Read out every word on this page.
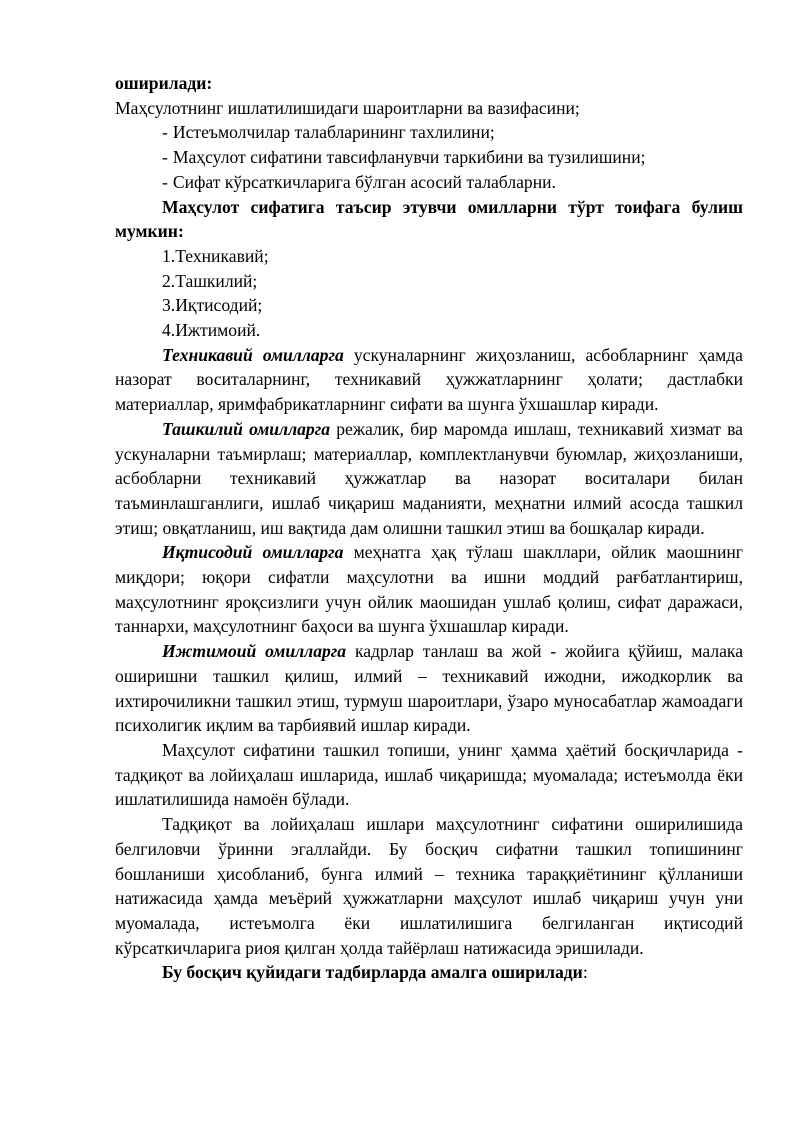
оширилади:

Маҳсулотнинг ишлатилишидаги шароитларни ва вазифасини;

- Истеъмолчилар талабларининг тахлилини;

- Маҳсулот сифатини тавсифланувчи таркибини ва тузилишини;

- Сифат кўрсаткичларига бўлган асосий талабларни.

Маҳсулот сифатига таъсир этувчи омилларни тўрт тоифага булиш мумкин:

1.Техникавий;

2.Ташкилий;

3.Иқтисодий;

4.Ижтимоий.

Техникавий омилларга ускуналарнинг жиҳозланиш, асбобларнинг ҳамда назорат воситаларнинг, техникавий ҳужжатларнинг ҳолати; дастлабки материаллар, яримфабрикатларнинг сифати ва шунга ўхшашлар киради.

Ташкилий омилларга режалик, бир маромда ишлаш, техникавий хизмат ва ускуналарни таъмирлаш; материаллар, комплектланувчи буюмлар, жиҳозланиши, асбобларни техникавий ҳужжатлар ва назорат воситалари билан таъминлашганлиги, ишлаб чиқариш маданияти, меҳнатни илмий асосда ташкил этиш; овқатланиш, иш вақтида дам олишни ташкил этиш ва бошқалар киради.

Иқтисодий омилларга меҳнатга ҳақ тўлаш шакллари, ойлик маошнинг миқдори; юқори сифатли маҳсулотни ва ишни моддий рағбатлантириш, маҳсулотнинг яроқсизлиги учун ойлик маошидан ушлаб қолиш, сифат даражаси, таннархи, маҳсулотнинг баҳоси ва шунга ўхшашлар киради.

Ижтимоий омилларга кадрлар танлаш ва жой - жойига қўйиш, малака оширишни ташкил қилиш, илмий – техникавий ижодни, ижодкорлик ва ихтирочиликни ташкил этиш, турмуш шароитлари, ўзаро муносабатлар жамоадаги психолигик иқлим ва тарбиявий ишлар киради.

Маҳсулот сифатини ташкил топиши, унинг ҳамма ҳаётий босқичларида - тадқиқот ва лойиҳалаш ишларида, ишлаб чиқаришда; муомалада; истеъмолда ёки ишлатилишида намоён бўлади.

Тадқиқот ва лойиҳалаш ишлари маҳсулотнинг сифатини оширилишида белгиловчи ўринни эгаллайди. Бу босқич сифатни ташкил топишининг бошланиши ҳисобланиб, бунга илмий – техника тараққиётининг қўлланиши натижасида ҳамда меъёрий ҳужжатларни маҳсулот ишлаб чиқариш учун уни муомалада, истеъмолга ёки ишлатилишига белгиланган иқтисодий кўрсаткичларига риоя қилган ҳолда тайёрлаш натижасида эришилади.

Бу босқич қуйидаги тадбирларда амалга оширилади:
